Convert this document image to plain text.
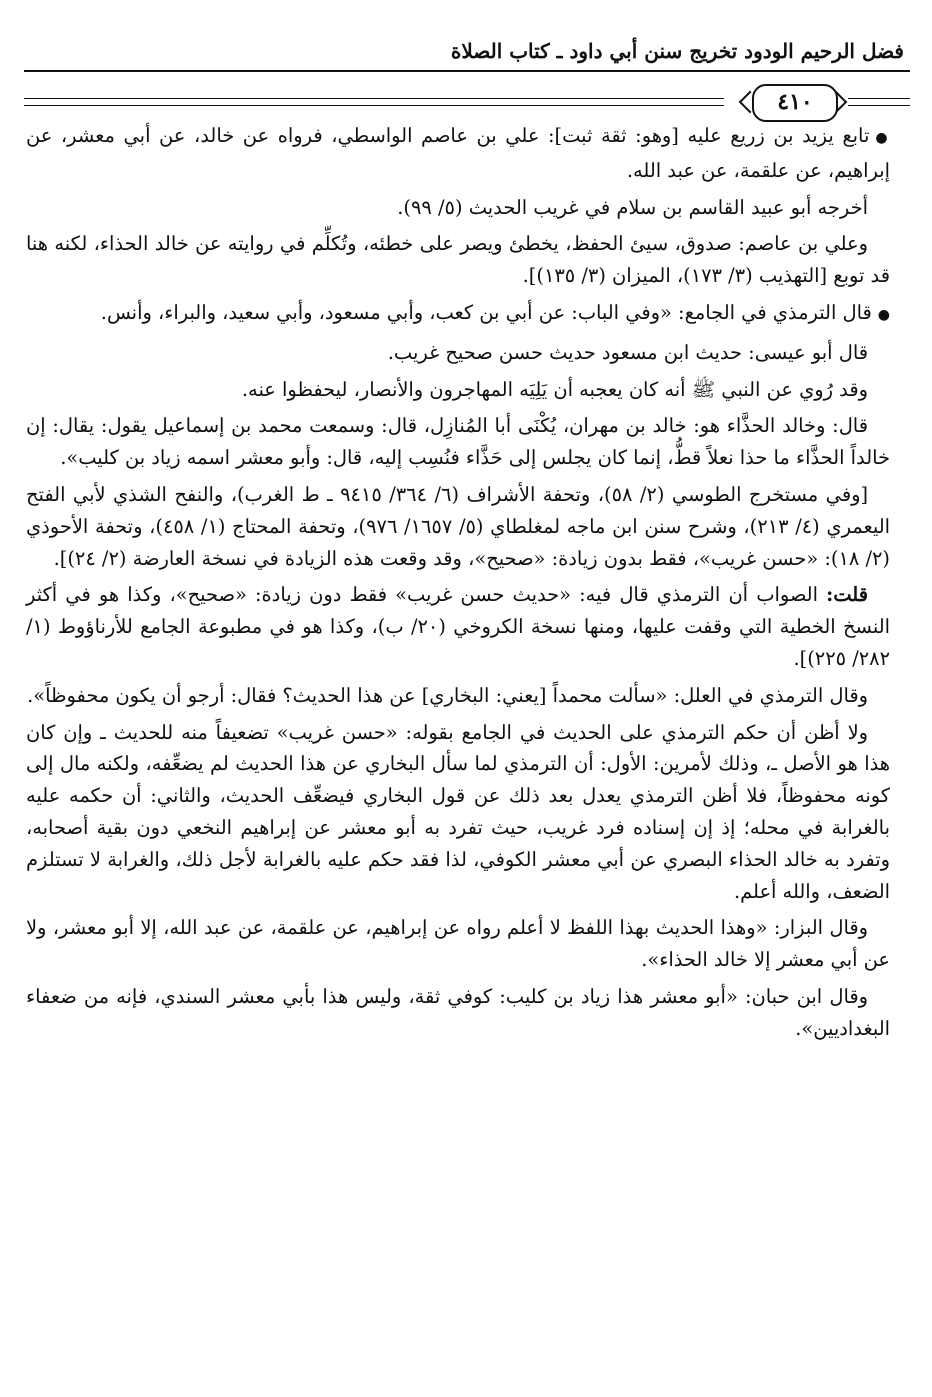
فضل الرحيم الودود تخريج سنن أبي داود ـ كتاب الصلاة
٤١٠

●تابع يزيد بن زريع عليه [وهو: ثقة ثبت]: علي بن عاصم الواسطي، فرواه عن خالد، عن أبي معشر، عن إبراهيم، عن علقمة، عن عبد الله.

أخرجه أبو عبيد القاسم بن سلام في غريب الحديث (٥/ ٩٩).

وعلي بن عاصم: صدوق، سيئ الحفظ، يخطئ ويصر على خطئه، وتُكلِّم في روايته عن خالد الحذاء، لكنه هنا قد توبع [التهذيب (٣/ ١٧٣)، الميزان (٣/ ١٣٥)].

●قال الترمذي في الجامع: «وفي الباب: عن أبي بن كعب، وأبي مسعود، وأبي سعيد، والبراء، وأنس.

قال أبو عيسى: حديث ابن مسعود حديث حسن صحيح غريب.

وقد رُوي عن النبي ﷺ أنه كان يعجبه أن يَلِيَه المهاجرون والأنصار، ليحفظوا عنه.

قال: وخالد الحذَّاء هو: خالد بن مهران، يُكْنَى أبا المُنازِل، قال: وسمعت محمد بن إسماعيل يقول: يقال: إن خالداً الحذَّاء ما حذا نعلاً قطُّ، إنما كان يجلس إلى حَذَّاء فنُسِب إليه، قال: وأبو معشر اسمه زياد بن كليب».

[وفي مستخرج الطوسي (٢/ ٥٨)، وتحفة الأشراف (٦/ ٣٦٤/ ٩٤١٥ ـ ط الغرب)، والنفح الشذي لأبي الفتح اليعمري (٤/ ٢١٣)، وشرح سنن ابن ماجه لمغلطاي (٥/ ١٦٥٧/ ٩٧٦)، وتحفة المحتاج (١/ ٤٥٨)، وتحفة الأحوذي (٢/ ١٨): «حسن غريب»، فقط بدون زيادة: «صحيح»، وقد وقعت هذه الزيادة في نسخة العارضة (٢/ ٢٤)].

قلت: الصواب أن الترمذي قال فيه: «حديث حسن غريب» فقط دون زيادة: «صحيح»، وكذا هو في أكثر النسخ الخطية التي وقفت عليها، ومنها نسخة الكروخي (٢٠/ ب)، وكذا هو في مطبوعة الجامع للأرناؤوط (١/ ٢٨٢/ ٢٢٥)].

وقال الترمذي في العلل: «سألت محمداً [يعني: البخاري] عن هذا الحديث؟ فقال: أرجو أن يكون محفوظاً».

ولا أظن أن حكم الترمذي على الحديث في الجامع بقوله: «حسن غريب» تضعيفاً منه للحديث ـ وإن كان هذا هو الأصل ـ، وذلك لأمرين: الأول: أن الترمذي لما سأل البخاري عن هذا الحديث لم يضعِّفه، ولكنه مال إلى كونه محفوظاً، فلا أظن الترمذي يعدل بعد ذلك عن قول البخاري فيضعِّف الحديث، والثاني: أن حكمه عليه بالغرابة في محله؛ إذ إن إسناده فرد غريب، حيث تفرد به أبو معشر عن إبراهيم النخعي دون بقية أصحابه، وتفرد به خالد الحذاء البصري عن أبي معشر الكوفي، لذا فقد حكم عليه بالغرابة لأجل ذلك، والغرابة لا تستلزم الضعف، والله أعلم.

وقال البزار: «وهذا الحديث بهذا اللفظ لا أعلم رواه عن إبراهيم، عن علقمة، عن عبد الله، إلا أبو معشر، ولا عن أبي معشر إلا خالد الحذاء».

وقال ابن حبان: «أبو معشر هذا زياد بن كليب: كوفي ثقة، وليس هذا بأبي معشر السندي، فإنه من ضعفاء البغداديين».
